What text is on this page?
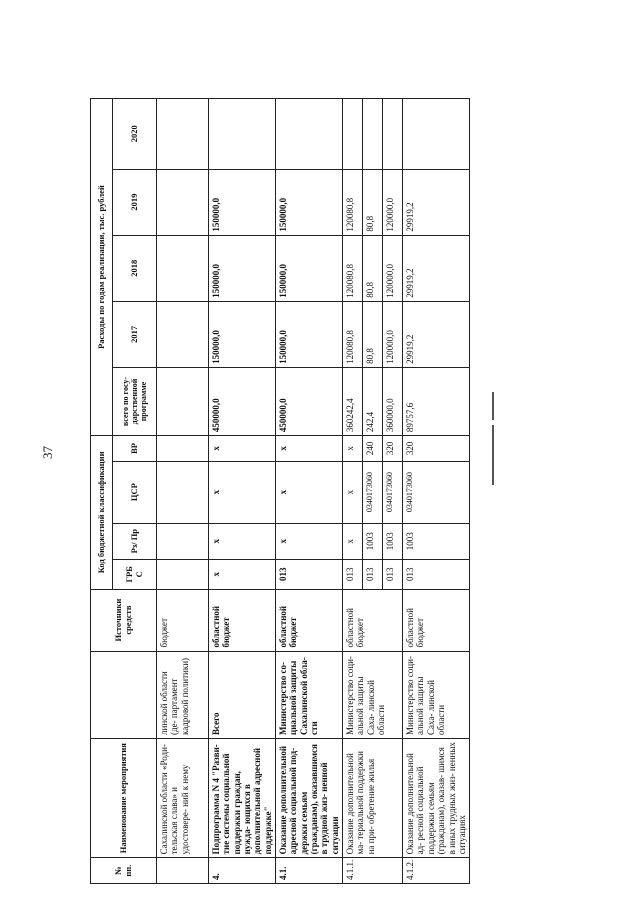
37
№ пп.	Наименование мероприятия		Источники средств	Код бюджетной классификации				Расходы по годам реализации, тыс. рублей				
				ГРБ С	Рз/ Пр	ЦСР	ВР	всего по госу- дарственной программе	2017	2018	2019	2020
	Сахалинской области «Роди- тельская слава» и удостовере- ний к нему	линской области (де- партамент кадровой политики)	бюджет									
4.	Подпрограмма N 4 "Разви- тие системы социальной поддержки граждан, нужда- ющихся в дополнительной адресной поддержке"	Всего	областной бюджет	х	х	х	х	450000,0	150000,0	150000,0	150000,0	
4.1.	Оказание дополнительной адресной социальной под- держки семьям (гражданам), оказавшимся в трудной жиз- ненной ситуации	Министерство со- циальной защиты Сахалинской обла- сти	областной бюджет	013	х	х	х	450000,0	150000,0	150000,0	150000,0	
4.1.1.	Оказание дополнительной ма- териальной поддержки на при- обретение жилья	Министерство соци- альной защиты Саха- линской области	областной бюджет	013	х	х	х	360242,4	120080,8	120080,8	120080,8	
				013	1003	0340173060	240	242,4	80,8	80,8	80,8	
				013	1003	0340173060	320	360000,0	120000,0	120000,0	120000,0	
4.1.2.	Оказание дополнительной ад- ресной социальной поддержки семьям (гражданам), оказав- шимся в иных трудных жиз- ненных ситуациях	Министерство соци- альной защиты Саха- линской области	областной бюджет	013	1003	0340173060	320	89757,6	29919,2	29919,2	29919,2	
